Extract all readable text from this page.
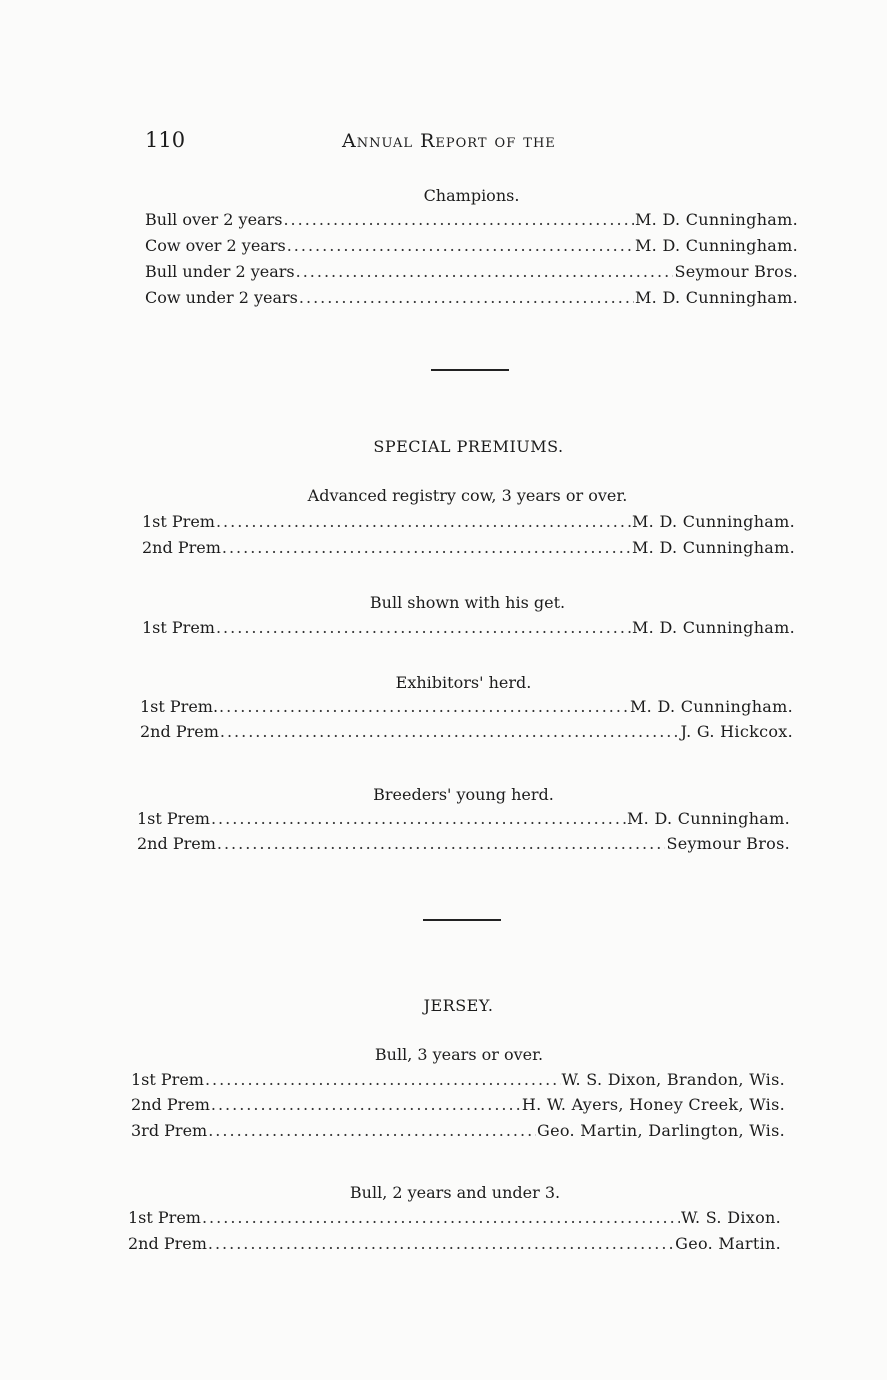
110	Annual Report of the
Champions.
Bull over 2 years .....	M. D. Cunningham.
Cow over 2 years .....	M. D. Cunningham.
Bull under 2 years .....	Seymour Bros.
Cow under 2 years .....	M. D. Cunningham.
SPECIAL PREMIUMS.
Advanced registry cow, 3 years or over.
1st Prem .....	M. D. Cunningham.
2nd Prem .....	M. D. Cunningham.
Bull shown with his get.
1st Prem .....	M. D. Cunningham.
Exhibitors' herd.
1st Prem. .....	M. D. Cunningham.
2nd Prem .....	J. G. Hickcox.
Breeders' young herd.
1st Prem .....	M. D. Cunningham.
2nd Prem .....	Seymour Bros.
JERSEY.
Bull, 3 years or over.
1st Prem .....	W. S. Dixon, Brandon, Wis.
2nd Prem .....	H. W. Ayers, Honey Creek, Wis.
3rd Prem .....	Geo. Martin, Darlington, Wis.
Bull, 2 years and under 3.
1st Prem .....	W. S. Dixon.
2nd Prem .....	Geo. Martin.
